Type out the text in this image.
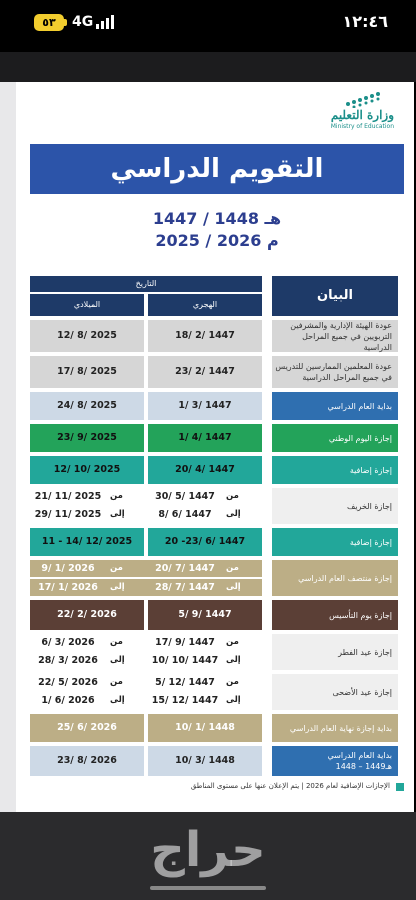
١٢:٤٦
٥٣	4G
وزارة التعليم
Ministry of Education
التقويم الدراسي
1447 / 1448 هـ
2025 / 2026 م
البيان
التاريخ
الهجري
الميلادي
عودة الهيئة الإدارية والمشرفين التربويين في جميع المراحل الدراسية
18/ 2/ 1447
12/ 8/ 2025
عودة المعلمين الممارسين للتدريس في جميع المراحل الدراسية
23/ 2/ 1447
17/ 8/ 2025
بداية العام الدراسي
1/ 3/ 1447
24/ 8/ 2025
إجازة اليوم الوطني
1/ 4/ 1447
23/ 9/ 2025
إجازة إضافية
20/ 4/ 1447
12/ 10/ 2025
إجازة الخريف
من
30/ 5/ 1447
من
21/ 11/ 2025
إلى
8/ 6/ 1447
إلى
29/ 11/ 2025
إجازة إضافية
20 -23/ 6/ 1447
11 - 14/ 12/ 2025
إجازة منتصف العام الدراسي
من
20/ 7/ 1447
من
9/ 1/ 2026
إلى
28/ 7/ 1447
إلى
17/ 1/ 2026
إجازة يوم التأسيس
5/ 9/ 1447
22/ 2/ 2026
إجازة عيد الفطر
من
17/ 9/ 1447
من
6/ 3/ 2026
إلى
10/ 10/ 1447
إلى
28/ 3/ 2026
إجازة عيد الأضحى
من
5/ 12/ 1447
من
22/ 5/ 2026
إلى
15/ 12/ 1447
إلى
1/ 6/ 2026
بداية إجازة نهاية العام الدراسي
10/ 1/ 1448
25/ 6/ 2026
بداية العام الدراسي
1448 – 1449هـ
10/ 3/ 1448
23/ 8/ 2026
الإجازات الإضافية لعام 2026 | يتم الإعلان عنها على مستوى المناطق
حراج
